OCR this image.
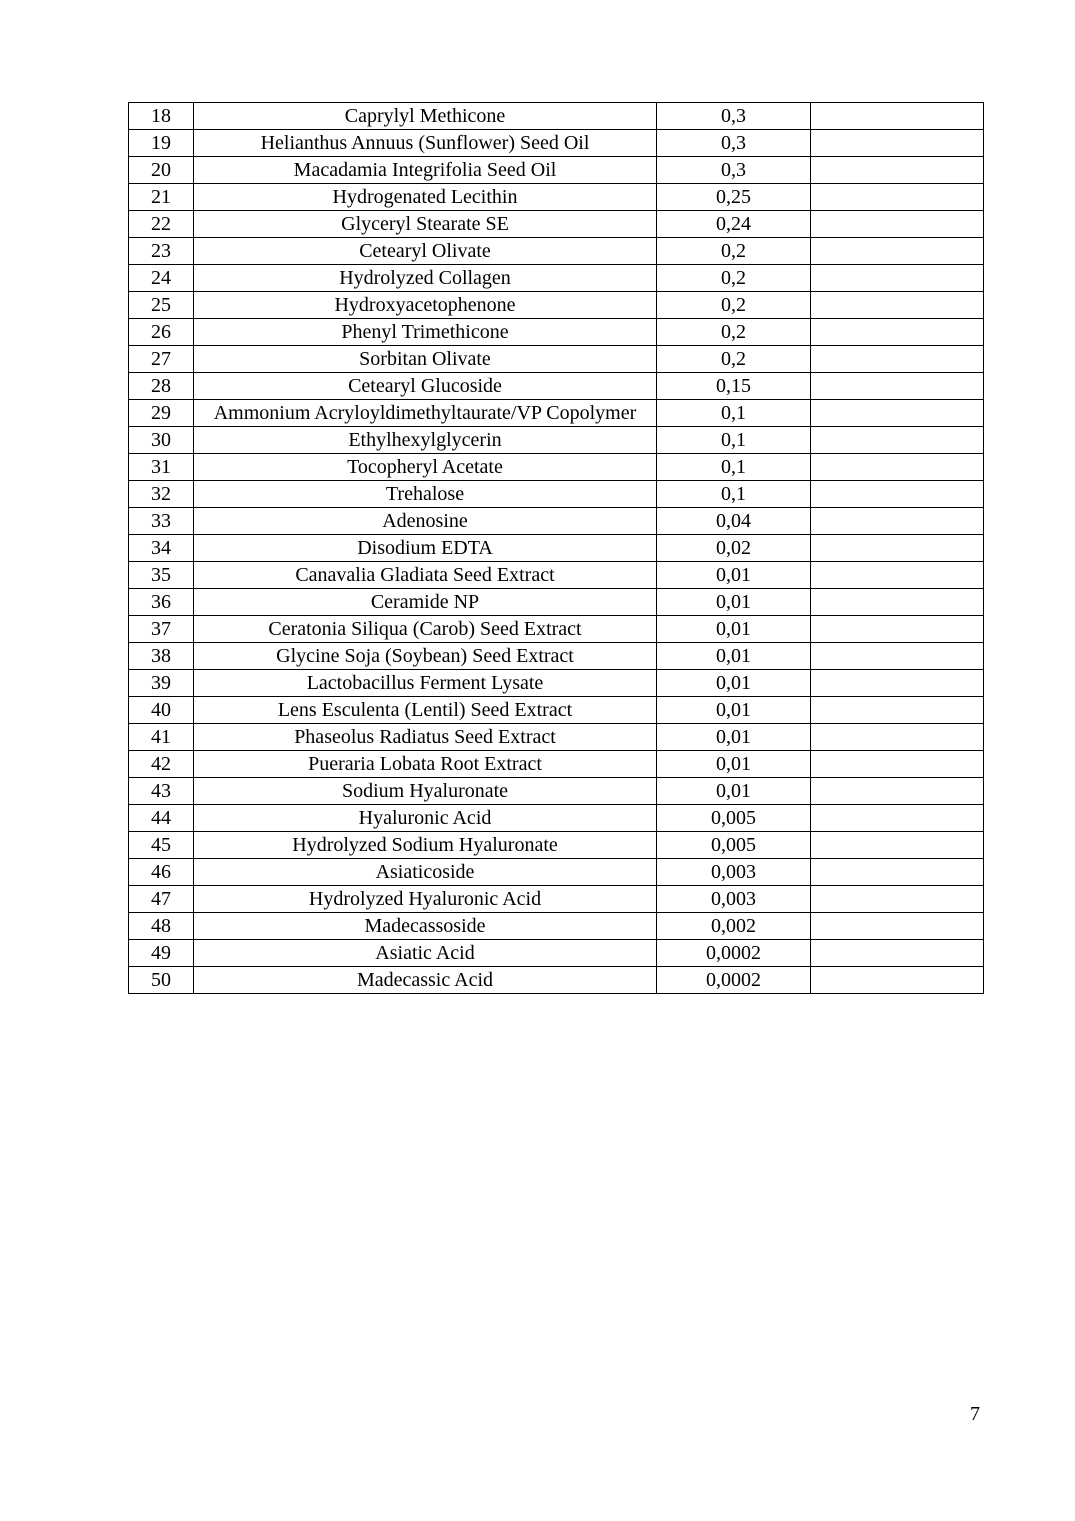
18	Caprylyl Methicone	0,3	
19	Helianthus Annuus (Sunflower) Seed Oil	0,3	
20	Macadamia Integrifolia Seed Oil	0,3	
21	Hydrogenated Lecithin	0,25	
22	Glyceryl Stearate SE	0,24	
23	Cetearyl Olivate	0,2	
24	Hydrolyzed Collagen	0,2	
25	Hydroxyacetophenone	0,2	
26	Phenyl Trimethicone	0,2	
27	Sorbitan Olivate	0,2	
28	Cetearyl Glucoside	0,15	
29	Ammonium Acryloyldimethyltaurate/VP Copolymer	0,1	
30	Ethylhexylglycerin	0,1	
31	Tocopheryl Acetate	0,1	
32	Trehalose	0,1	
33	Adenosine	0,04	
34	Disodium EDTA	0,02	
35	Canavalia Gladiata Seed Extract	0,01	
36	Ceramide NP	0,01	
37	Ceratonia Siliqua (Carob) Seed Extract	0,01	
38	Glycine Soja (Soybean) Seed Extract	0,01	
39	Lactobacillus Ferment Lysate	0,01	
40	Lens Esculenta (Lentil) Seed Extract	0,01	
41	Phaseolus Radiatus Seed Extract	0,01	
42	Pueraria Lobata Root Extract	0,01	
43	Sodium Hyaluronate	0,01	
44	Hyaluronic Acid	0,005	
45	Hydrolyzed Sodium Hyaluronate	0,005	
46	Asiaticoside	0,003	
47	Hydrolyzed Hyaluronic Acid	0,003	
48	Madecassoside	0,002	
49	Asiatic Acid	0,0002	
50	Madecassic Acid	0,0002	
7
